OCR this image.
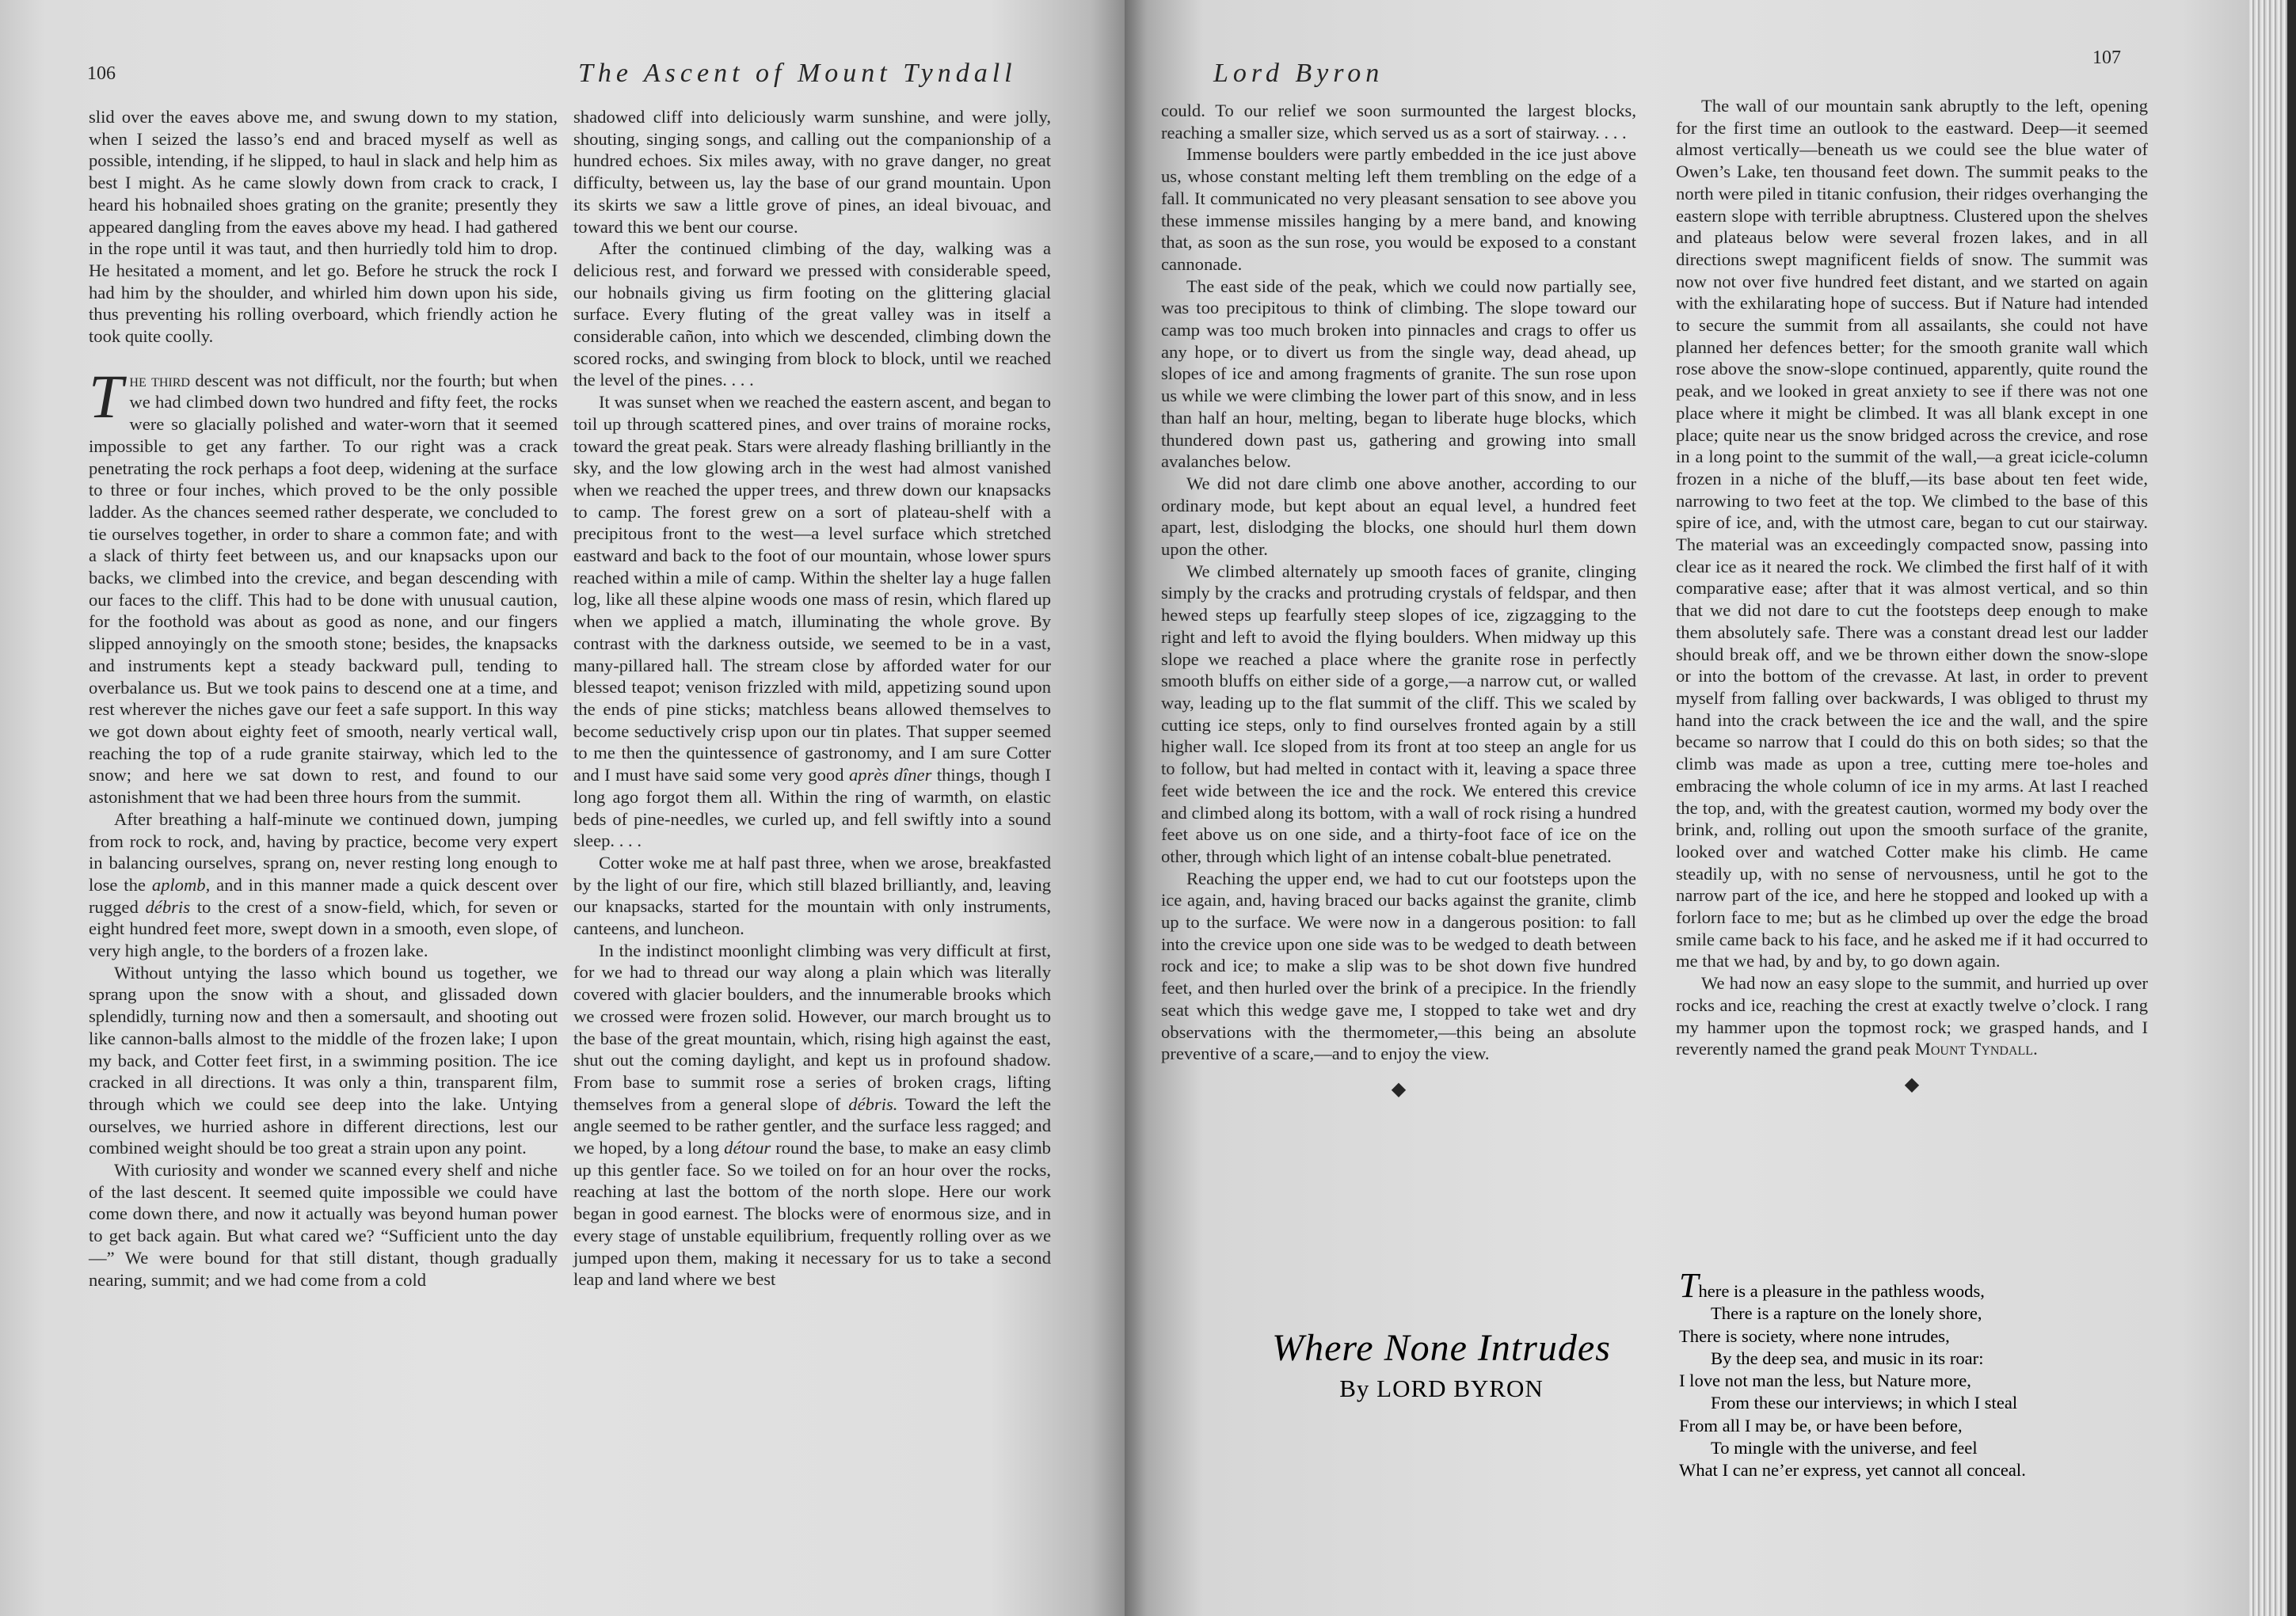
106	The Ascent of Mount Tyndall

slid over the eaves above me, and swung down to my station, when I seized the lasso’s end and braced myself as well as possible, intending, if he slipped, to haul in slack and help him as best I might. As he came slowly down from crack to crack, I heard his hobnailed shoes grating on the granite; presently they appeared dangling from the eaves above my head. I had gathered in the rope until it was taut, and then hurriedly told him to drop. He hesitated a moment, and let go. Before he struck the rock I had him by the shoulder, and whirled him down upon his side, thus preventing his rolling overboard, which friendly action he took quite coolly.

The third descent was not difficult, nor the fourth; but when we had climbed down two hundred and fifty feet, the rocks were so glacially polished and water-worn that it seemed impossible to get any farther. To our right was a crack penetrating the rock perhaps a foot deep, widening at the surface to three or four inches, which proved to be the only possible ladder. As the chances seemed rather desperate, we concluded to tie ourselves together, in order to share a common fate; and with a slack of thirty feet between us, and our knapsacks upon our backs, we climbed into the crevice, and began descending with our faces to the cliff. This had to be done with unusual caution, for the foothold was about as good as none, and our fingers slipped annoyingly on the smooth stone; besides, the knapsacks and instruments kept a steady backward pull, tending to overbalance us. But we took pains to descend one at a time, and rest wherever the niches gave our feet a safe support. In this way we got down about eighty feet of smooth, nearly vertical wall, reaching the top of a rude granite stairway, which led to the snow; and here we sat down to rest, and found to our astonishment that we had been three hours from the summit.

After breathing a half-minute we continued down, jumping from rock to rock, and, having by practice, become very expert in balancing ourselves, sprang on, never resting long enough to lose the aplomb, and in this manner made a quick descent over rugged débris to the crest of a snow-field, which, for seven or eight hundred feet more, swept down in a smooth, even slope, of very high angle, to the borders of a frozen lake.

Without untying the lasso which bound us together, we sprang upon the snow with a shout, and glissaded down splendidly, turning now and then a somersault, and shooting out like cannon-balls almost to the middle of the frozen lake; I upon my back, and Cotter feet first, in a swimming position. The ice cracked in all directions. It was only a thin, transparent film, through which we could see deep into the lake. Untying ourselves, we hurried ashore in different directions, lest our combined weight should be too great a strain upon any point.

With curiosity and wonder we scanned every shelf and niche of the last descent. It seemed quite impossible we could have come down there, and now it actually was beyond human power to get back again. But what cared we? “Sufficient unto the day—” We were bound for that still distant, though gradually nearing, summit; and we had come from a cold

shadowed cliff into deliciously warm sunshine, and were jolly, shouting, singing songs, and calling out the companionship of a hundred echoes. Six miles away, with no grave danger, no great difficulty, between us, lay the base of our grand mountain. Upon its skirts we saw a little grove of pines, an ideal bivouac, and toward this we bent our course.

After the continued climbing of the day, walking was a delicious rest, and forward we pressed with considerable speed, our hobnails giving us firm footing on the glittering glacial surface. Every fluting of the great valley was in itself a considerable cañon, into which we descended, climbing down the scored rocks, and swinging from block to block, until we reached the level of the pines. . . .

It was sunset when we reached the eastern ascent, and began to toil up through scattered pines, and over trains of moraine rocks, toward the great peak. Stars were already flashing brilliantly in the sky, and the low glowing arch in the west had almost vanished when we reached the upper trees, and threw down our knapsacks to camp. The forest grew on a sort of plateau-shelf with a precipitous front to the west—a level surface which stretched eastward and back to the foot of our mountain, whose lower spurs reached within a mile of camp. Within the shelter lay a huge fallen log, like all these alpine woods one mass of resin, which flared up when we applied a match, illuminating the whole grove. By contrast with the darkness outside, we seemed to be in a vast, many-pillared hall. The stream close by afforded water for our blessed teapot; venison frizzled with mild, appetizing sound upon the ends of pine sticks; matchless beans allowed themselves to become seductively crisp upon our tin plates. That supper seemed to me then the quintessence of gastronomy, and I am sure Cotter and I must have said some very good après dîner things, though I long ago forgot them all. Within the ring of warmth, on elastic beds of pine-needles, we curled up, and fell swiftly into a sound sleep. . . .

Cotter woke me at half past three, when we arose, breakfasted by the light of our fire, which still blazed brilliantly, and, leaving our knapsacks, started for the mountain with only instruments, canteens, and luncheon.

In the indistinct moonlight climbing was very difficult at first, for we had to thread our way along a plain which was literally covered with glacier boulders, and the innumerable brooks which we crossed were frozen solid. However, our march brought us to the base of the great mountain, which, rising high against the east, shut out the coming daylight, and kept us in profound shadow. From base to summit rose a series of broken crags, lifting themselves from a general slope of débris. Toward the left the angle seemed to be rather gentler, and the surface less ragged; and we hoped, by a long détour round the base, to make an easy climb up this gentler face. So we toiled on for an hour over the rocks, reaching at last the bottom of the north slope. Here our work began in good earnest. The blocks were of enormous size, and in every stage of unstable equilibrium, frequently rolling over as we jumped upon them, making it necessary for us to take a second leap and land where we best

Lord Byron
107

could. To our relief we soon surmounted the largest blocks, reaching a smaller size, which served us as a sort of stairway. . . .

Immense boulders were partly embedded in the ice just above us, whose constant melting left them trembling on the edge of a fall. It communicated no very pleasant sensation to see above you these immense missiles hanging by a mere band, and knowing that, as soon as the sun rose, you would be exposed to a constant cannonade.

The east side of the peak, which we could now partially see, was too precipitous to think of climbing. The slope toward our camp was too much broken into pinnacles and crags to offer us any hope, or to divert us from the single way, dead ahead, up slopes of ice and among fragments of granite. The sun rose upon us while we were climbing the lower part of this snow, and in less than half an hour, melting, began to liberate huge blocks, which thundered down past us, gathering and growing into small avalanches below.

We did not dare climb one above another, according to our ordinary mode, but kept about an equal level, a hundred feet apart, lest, dislodging the blocks, one should hurl them down upon the other.

We climbed alternately up smooth faces of granite, clinging simply by the cracks and protruding crystals of feldspar, and then hewed steps up fearfully steep slopes of ice, zigzagging to the right and left to avoid the flying boulders. When midway up this slope we reached a place where the granite rose in perfectly smooth bluffs on either side of a gorge,—a narrow cut, or walled way, leading up to the flat summit of the cliff. This we scaled by cutting ice steps, only to find ourselves fronted again by a still higher wall. Ice sloped from its front at too steep an angle for us to follow, but had melted in contact with it, leaving a space three feet wide between the ice and the rock. We entered this crevice and climbed along its bottom, with a wall of rock rising a hundred feet above us on one side, and a thirty-foot face of ice on the other, through which light of an intense cobalt-blue penetrated.

Reaching the upper end, we had to cut our footsteps upon the ice again, and, having braced our backs against the granite, climb up to the surface. We were now in a dangerous position: to fall into the crevice upon one side was to be wedged to death between rock and ice; to make a slip was to be shot down five hundred feet, and then hurled over the brink of a precipice. In the friendly seat which this wedge gave me, I stopped to take wet and dry observations with the thermometer,—this being an absolute preventive of a scare,—and to enjoy the view.

◆

The wall of our mountain sank abruptly to the left, opening for the first time an outlook to the eastward. Deep—it seemed almost vertically—beneath us we could see the blue water of Owen’s Lake, ten thousand feet down. The summit peaks to the north were piled in titanic confusion, their ridges overhanging the eastern slope with terrible abruptness. Clustered upon the shelves and plateaus below were several frozen lakes, and in all directions swept magnificent fields of snow. The summit was now not over five hundred feet distant, and we started on again with the exhilarating hope of success. But if Nature had intended to secure the summit from all assailants, she could not have planned her defences better; for the smooth granite wall which rose above the snow-slope continued, apparently, quite round the peak, and we looked in great anxiety to see if there was not one place where it might be climbed. It was all blank except in one place; quite near us the snow bridged across the crevice, and rose in a long point to the summit of the wall,—a great icicle-column frozen in a niche of the bluff,—its base about ten feet wide, narrowing to two feet at the top. We climbed to the base of this spire of ice, and, with the utmost care, began to cut our stairway. The material was an exceedingly compacted snow, passing into clear ice as it neared the rock. We climbed the first half of it with comparative ease; after that it was almost vertical, and so thin that we did not dare to cut the footsteps deep enough to make them absolutely safe. There was a constant dread lest our ladder should break off, and we be thrown either down the snow-slope or into the bottom of the crevasse. At last, in order to prevent myself from falling over backwards, I was obliged to thrust my hand into the crack between the ice and the wall, and the spire became so narrow that I could do this on both sides; so that the climb was made as upon a tree, cutting mere toe-holes and embracing the whole column of ice in my arms. At last I reached the top, and, with the greatest caution, wormed my body over the brink, and, rolling out upon the smooth surface of the granite, looked over and watched Cotter make his climb. He came steadily up, with no sense of nervousness, until he got to the narrow part of the ice, and here he stopped and looked up with a forlorn face to me; but as he climbed up over the edge the broad smile came back to his face, and he asked me if it had occurred to me that we had, by and by, to go down again.

We had now an easy slope to the summit, and hurried up over rocks and ice, reaching the crest at exactly twelve o’clock. I rang my hammer upon the topmost rock; we grasped hands, and I reverently named the grand peak Mount Tyndall.

◆
Where None Intrudes
By LORD BYRON
There is a pleasure in the pathless woods,
There is a rapture on the lonely shore,
There is society, where none intrudes,
By the deep sea, and music in its roar:
I love not man the less, but Nature more,
From these our interviews; in which I steal
From all I may be, or have been before,
To mingle with the universe, and feel
What I can ne’er express, yet cannot all conceal.
